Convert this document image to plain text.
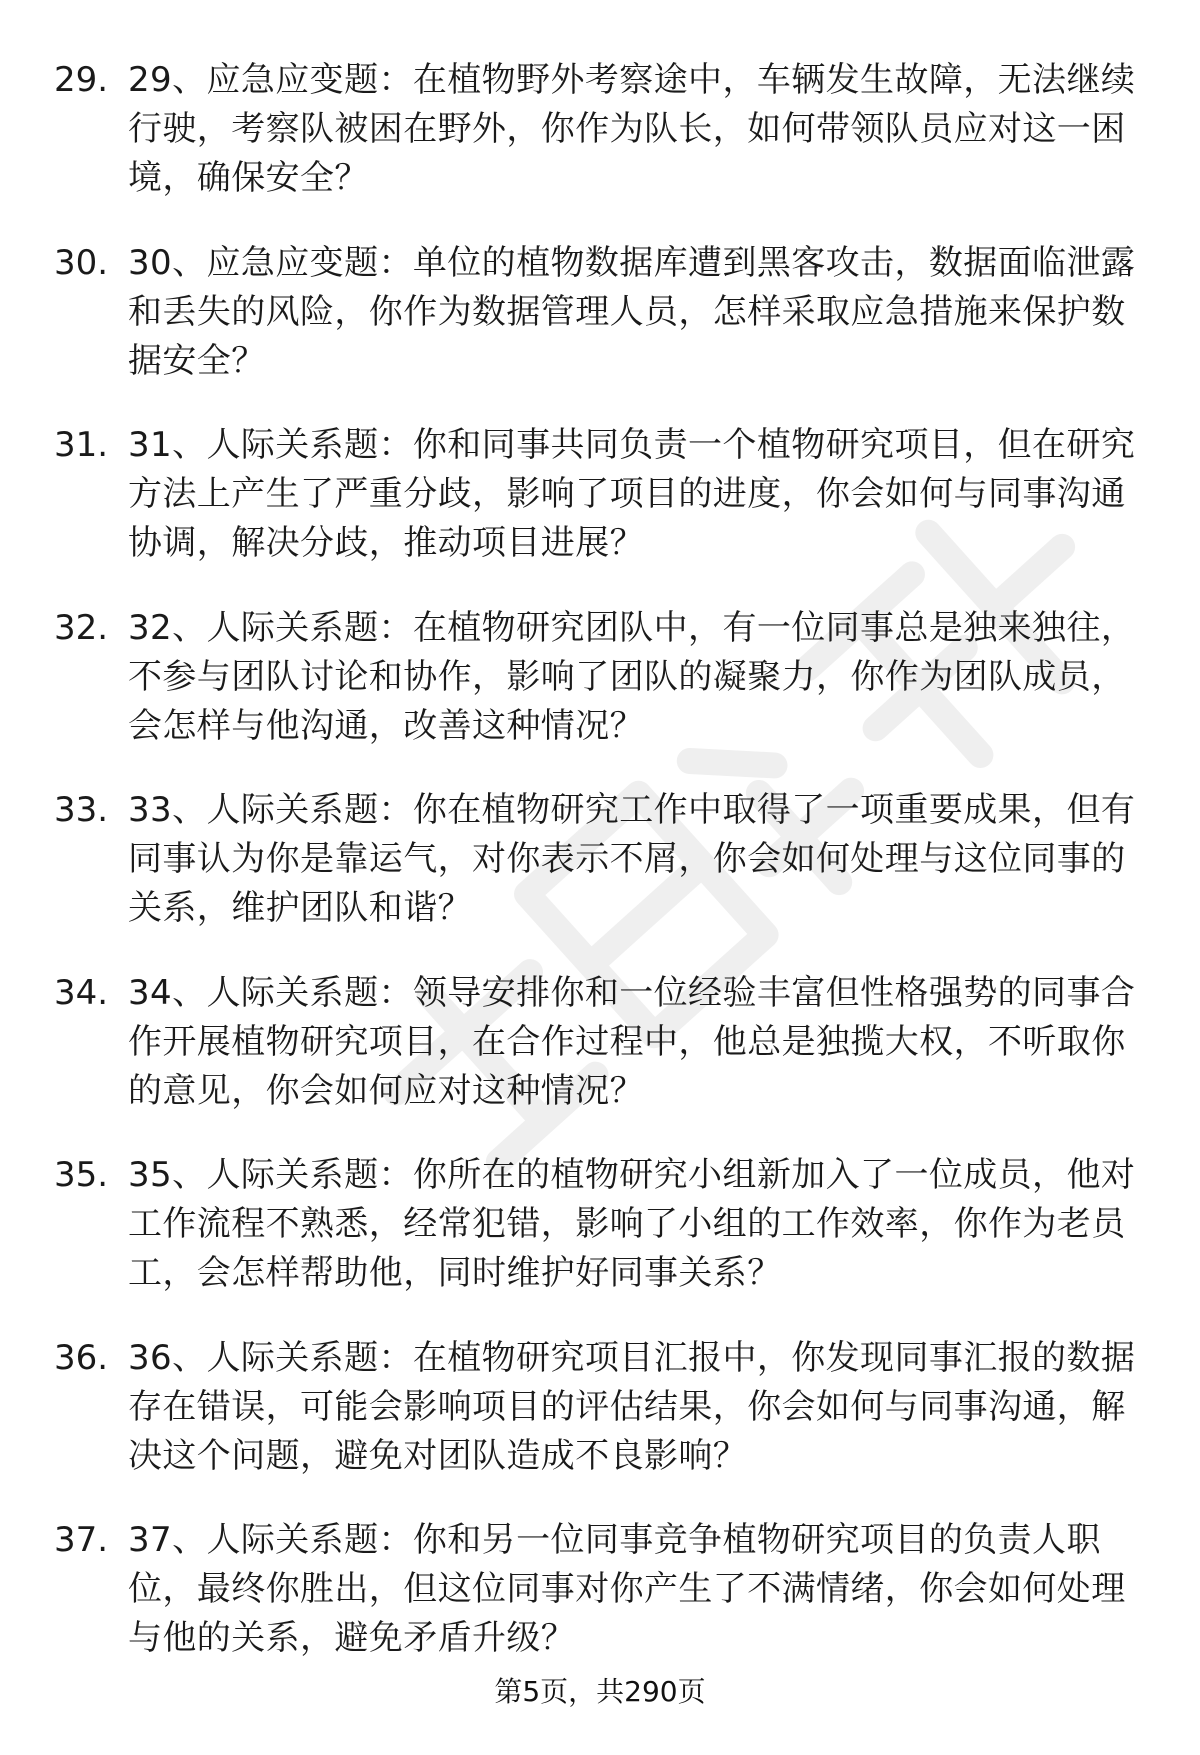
29. 29、应急应变题：在植物野外考察途中，车辆发生故障，无法继续行驶，考察队被困在野外，你作为队长，如何带领队员应对这一困境，确保安全？
30. 30、应急应变题：单位的植物数据库遭到黑客攻击，数据面临泄露和丢失的风险，你作为数据管理人员，怎样采取应急措施来保护数据安全？
31. 31、人际关系题：你和同事共同负责一个植物研究项目，但在研究方法上产生了严重分歧，影响了项目的进度，你会如何与同事沟通协调，解决分歧，推动项目进展？
32. 32、人际关系题：在植物研究团队中，有一位同事总是独来独往，不参与团队讨论和协作，影响了团队的凝聚力，你作为团队成员，会怎样与他沟通，改善这种情况？
33. 33、人际关系题：你在植物研究工作中取得了一项重要成果，但有同事认为你是靠运气，对你表示不屑，你会如何处理与这位同事的关系，维护团队和谐？
34. 34、人际关系题：领导安排你和一位经验丰富但性格强势的同事合作开展植物研究项目，在合作过程中，他总是独揽大权，不听取你的意见，你会如何应对这种情况？
35. 35、人际关系题：你所在的植物研究小组新加入了一位成员，他对工作流程不熟悉，经常犯错，影响了小组的工作效率，你作为老员工，会怎样帮助他，同时维护好同事关系？
36. 36、人际关系题：在植物研究项目汇报中，你发现同事汇报的数据存在错误，可能会影响项目的评估结果，你会如何与同事沟通，解决这个问题，避免对团队造成不良影响？
37. 37、人际关系题：你和另一位同事竞争植物研究项目的负责人职位，最终你胜出，但这位同事对你产生了不满情绪，你会如何处理与他的关系，避免矛盾升级？
第5页，共290页
